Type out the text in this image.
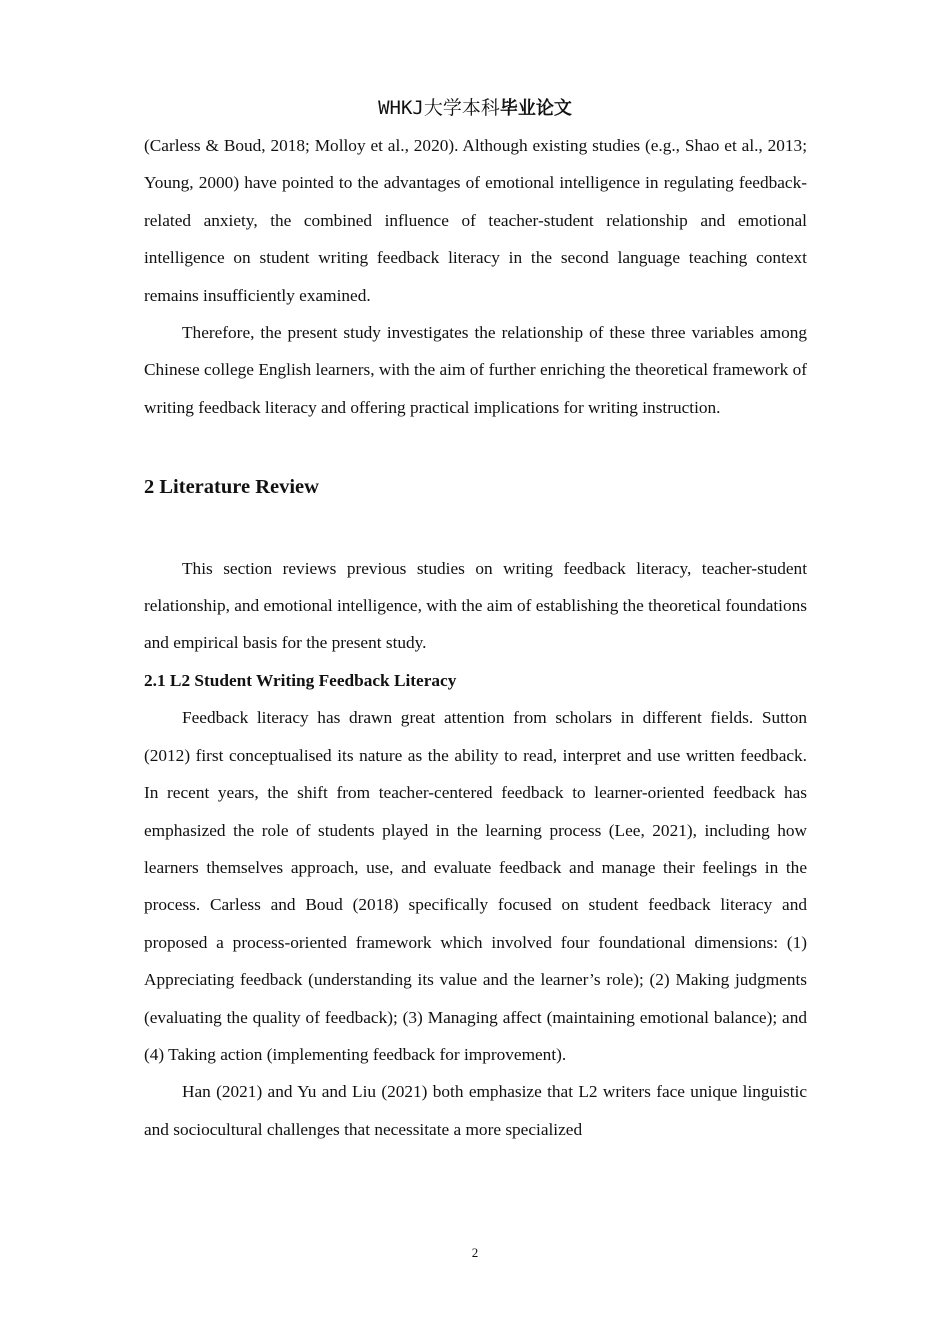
WHKJ大学本科毕业论文

(Carless & Boud, 2018; Molloy et al., 2020). Although existing studies (e.g., Shao et al., 2013; Young, 2000) have pointed to the advantages of emotional intelligence in regulating feedback-related anxiety, the combined influence of teacher-student relationship and emotional intelligence on student writing feedback literacy in the second language teaching context remains insufficiently examined.

Therefore, the present study investigates the relationship of these three variables among Chinese college English learners, with the aim of further enriching the theoretical framework of writing feedback literacy and offering practical implications for writing instruction.

2 Literature Review

This section reviews previous studies on writing feedback literacy, teacher-student relationship, and emotional intelligence, with the aim of establishing the theoretical foundations and empirical basis for the present study.

2.1 L2 Student Writing Feedback Literacy

Feedback literacy has drawn great attention from scholars in different fields. Sutton (2012) first conceptualised its nature as the ability to read, interpret and use written feedback. In recent years, the shift from teacher-centered feedback to learner-oriented feedback has emphasized the role of students played in the learning process (Lee, 2021), including how learners themselves approach, use, and evaluate feedback and manage their feelings in the process. Carless and Boud (2018) specifically focused on student feedback literacy and proposed a process-oriented framework which involved four foundational dimensions: (1) Appreciating feedback (understanding its value and the learner’s role); (2) Making judgments (evaluating the quality of feedback); (3) Managing affect (maintaining emotional balance); and (4) Taking action (implementing feedback for improvement).

Han (2021) and Yu and Liu (2021) both emphasize that L2 writers face unique linguistic and sociocultural challenges that necessitate a more specialized

2
